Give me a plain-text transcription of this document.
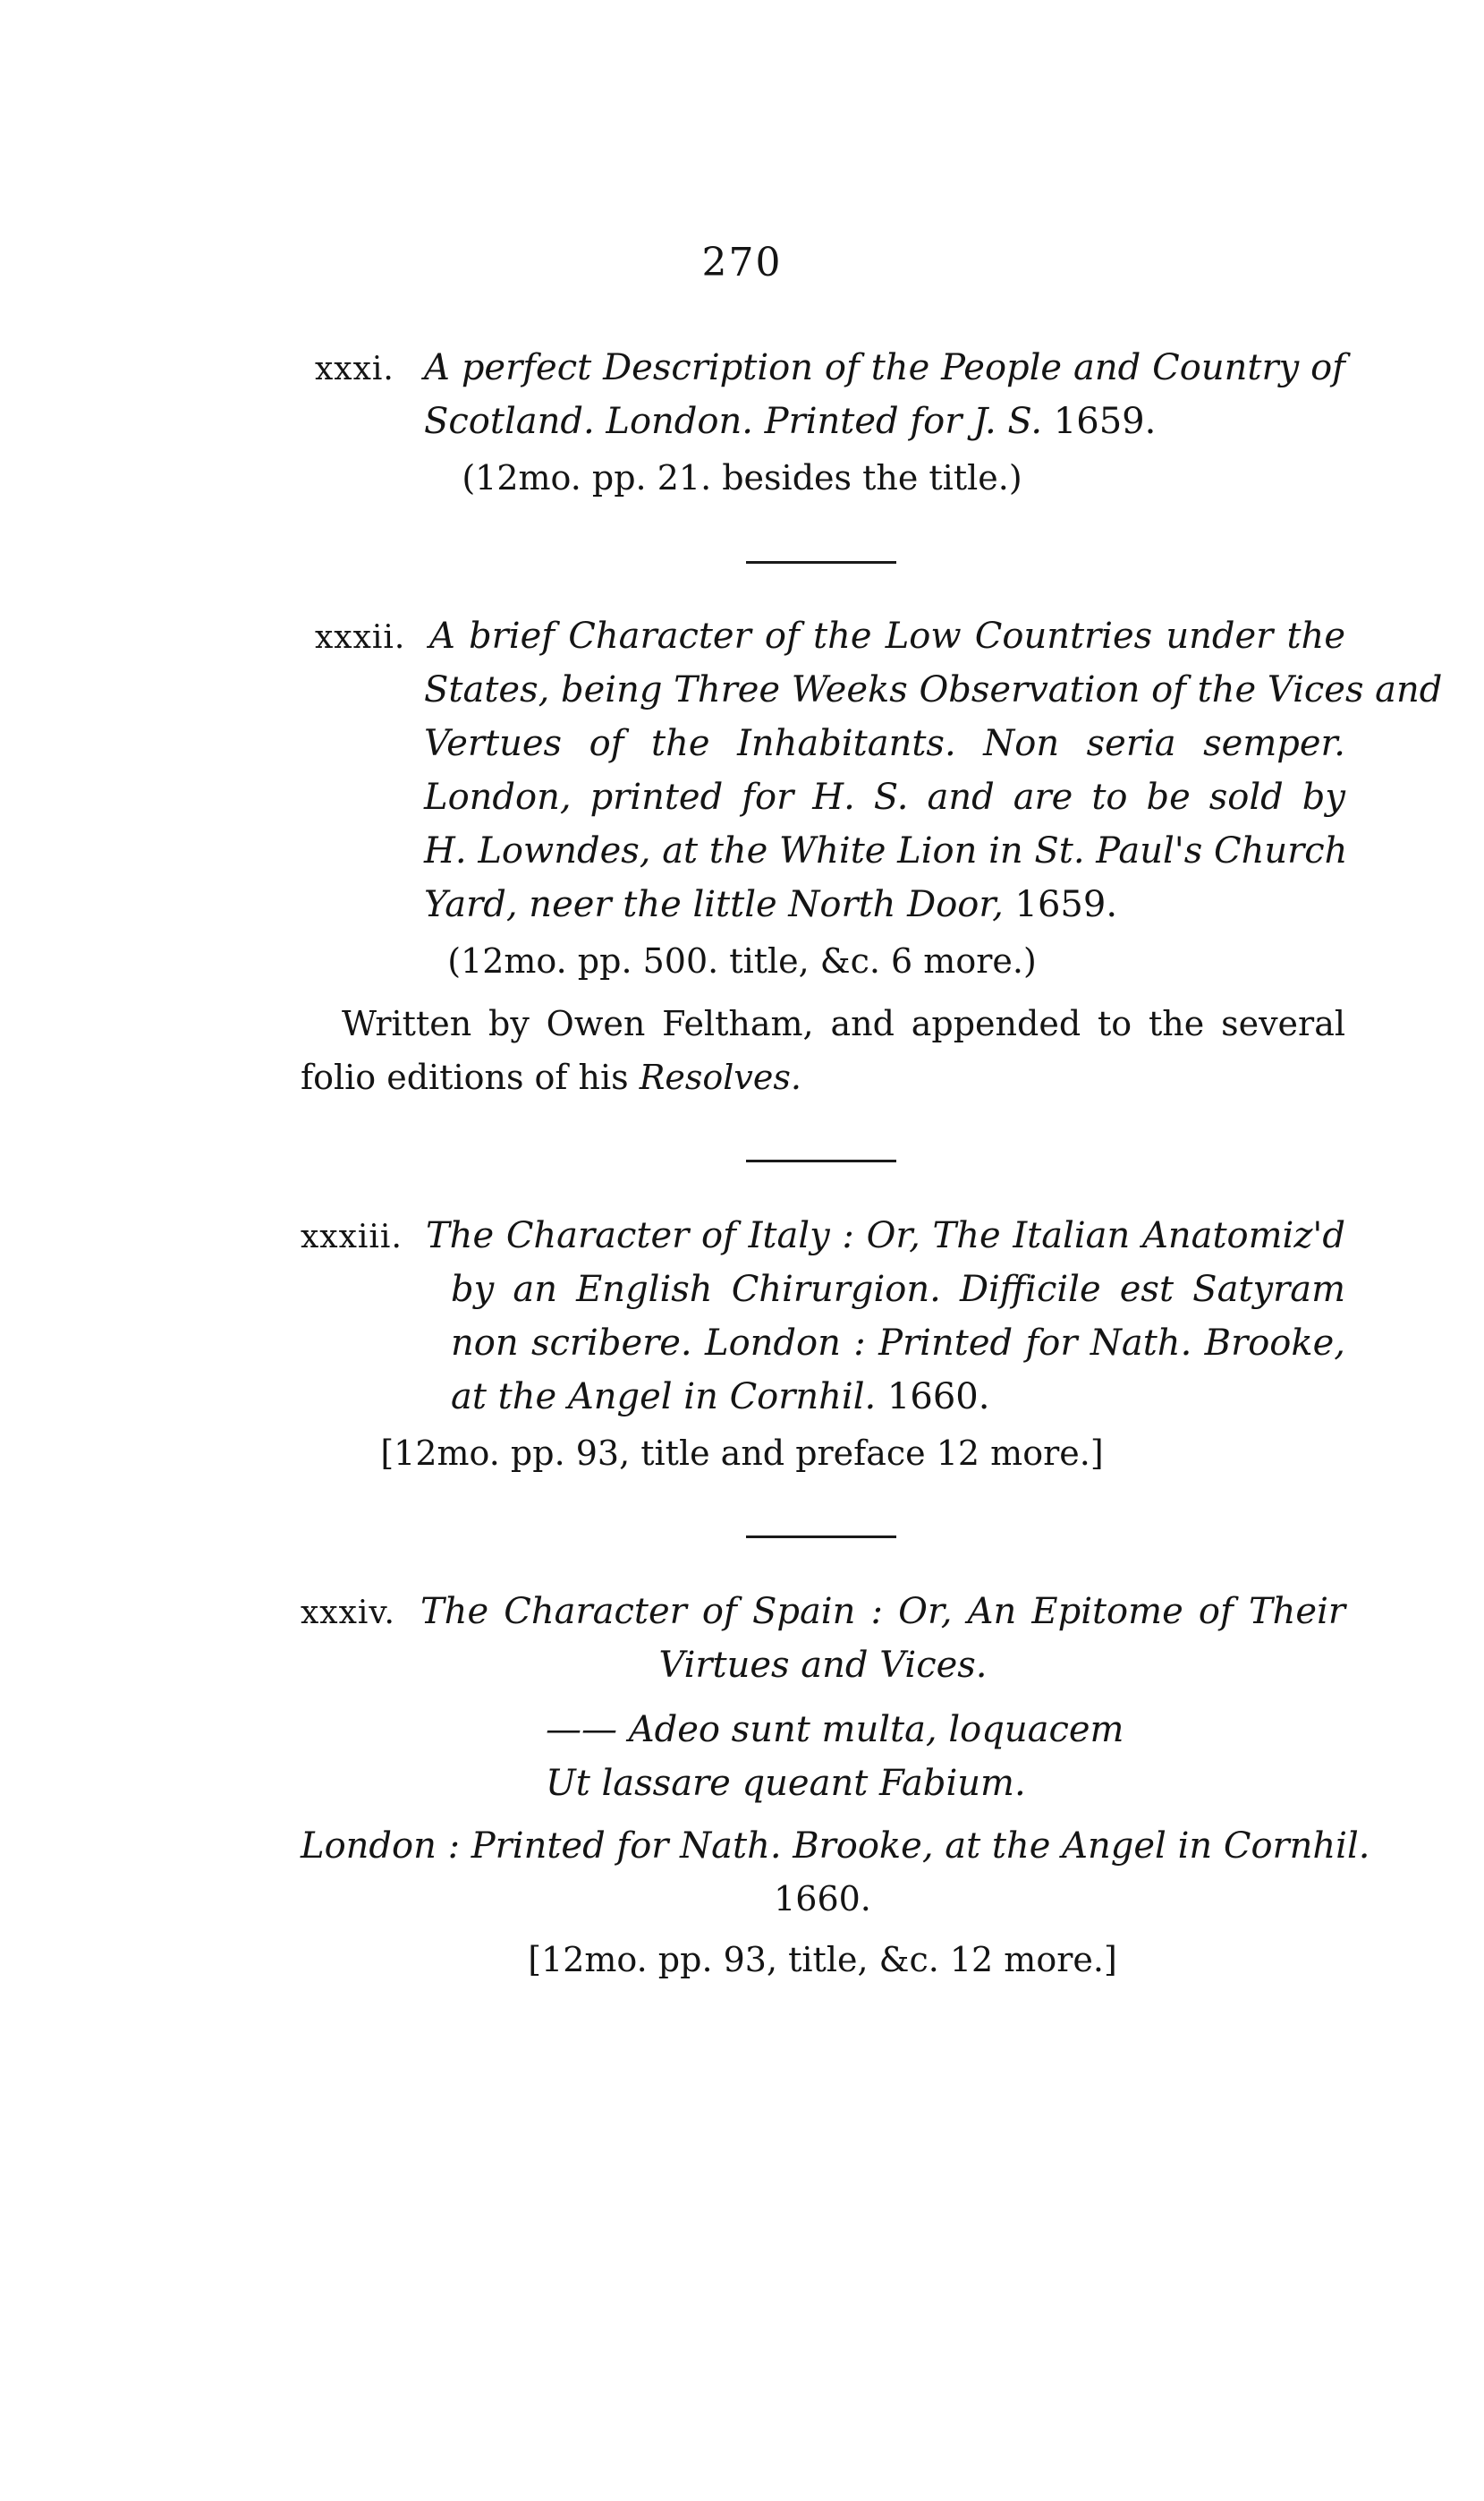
270
xxxi. A perfect Description of the People and Country of
Scotland. London. Printed for J. S. 1659.
(12mo. pp. 21. besides the title.)
xxxii. A brief Character of the Low Countries under the
States, being Three Weeks Observation of the Vices and
Vertues of the Inhabitants. Non seria semper.
London, printed for H. S. and are to be sold by
H. Lowndes, at the White Lion in St. Paul's Church
Yard, neer the little North Door, 1659.
(12mo. pp. 500. title, &c. 6 more.)
Written by Owen Feltham, and appended to the several
folio editions of his Resolves.
xxxiii. The Character of Italy : Or, The Italian Anatomiz'd
by an English Chirurgion. Difficile est Satyram
non scribere. London : Printed for Nath. Brooke,
at the Angel in Cornhil. 1660.
[12mo. pp. 93, title and preface 12 more.]
xxxiv. The Character of Spain : Or, An Epitome of Their
Virtues and Vices.
—— Adeo sunt multa, loquacem
Ut lassare queant Fabium.
London : Printed for Nath. Brooke, at the Angel in Cornhil.
1660.
[12mo. pp. 93, title, &c. 12 more.]
